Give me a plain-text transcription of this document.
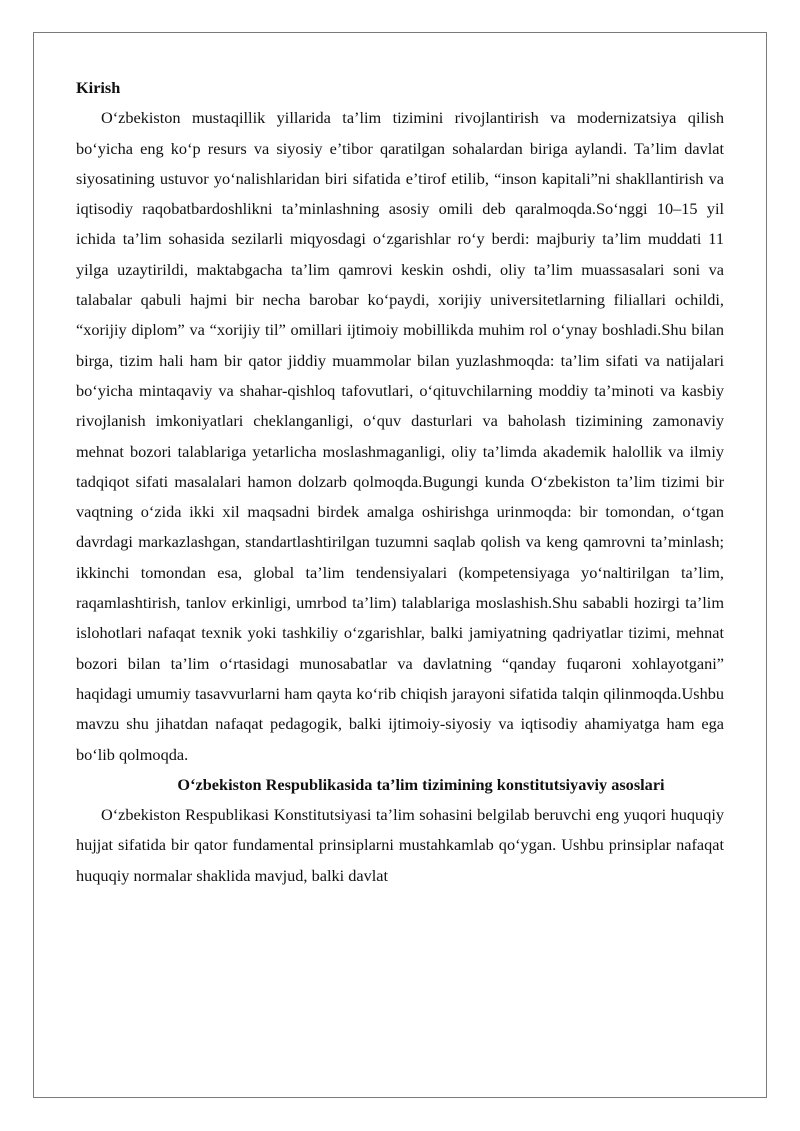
Kirish

O‘zbekiston mustaqillik yillarida ta’lim tizimini rivojlantirish va modernizatsiya qilish bo‘yicha eng ko‘p resurs va siyosiy e’tibor qaratilgan sohalardan biriga aylandi. Ta’lim davlat siyosatining ustuvor yo‘nalishlaridan biri sifatida e’tirof etilib, “inson kapitali”ni shakllantirish va iqtisodiy raqobatbardoshlikni ta’minlashning asosiy omili deb qaralmoqda.So‘nggi 10–15 yil ichida ta’lim sohasida sezilarli miqyosdagi o‘zgarishlar ro‘y berdi: majburiy ta’lim muddati 11 yilga uzaytirildi, maktabgacha ta’lim qamrovi keskin oshdi, oliy ta’lim muassasalari soni va talabalar qabuli hajmi bir necha barobar ko‘paydi, xorijiy universitetlarning filiallari ochildi, “xorijiy diplom” va “xorijiy til” omillari ijtimoiy mobillikda muhim rol o‘ynay boshladi.Shu bilan birga, tizim hali ham bir qator jiddiy muammolar bilan yuzlashmoqda: ta’lim sifati va natijalari bo‘yicha mintaqaviy va shahar-qishloq tafovutlari, o‘qituvchilarning moddiy ta’minoti va kasbiy rivojlanish imkoniyatlari cheklanganligi, o‘quv dasturlari va baholash tizimining zamonaviy mehnat bozori talablariga yetarlicha moslashmaganligi, oliy ta’limda akademik halollik va ilmiy tadqiqot sifati masalalari hamon dolzarb qolmoqda.Bugungi kunda O‘zbekiston ta’lim tizimi bir vaqtning o‘zida ikki xil maqsadni birdek amalga oshirishga urinmoqda: bir tomondan, o‘tgan davrdagi markazlashgan, standartlashtirilgan tuzumni saqlab qolish va keng qamrovni ta’minlash; ikkinchi tomondan esa, global ta’lim tendensiyalari (kompetensiyaga yo‘naltirilgan ta’lim, raqamlashtirish, tanlov erkinligi, umrbod ta’lim) talablariga moslashish.Shu sababli hozirgi ta’lim islohotlari nafaqat texnik yoki tashkiliy o‘zgarishlar, balki jamiyatning qadriyatlar tizimi, mehnat bozori bilan ta’lim o‘rtasidagi munosabatlar va davlatning “qanday fuqaroni xohlayotgani” haqidagi umumiy tasavvurlarni ham qayta ko‘rib chiqish jarayoni sifatida talqin qilinmoqda.Ushbu mavzu shu jihatdan nafaqat pedagogik, balki ijtimoiy-siyosiy va iqtisodiy ahamiyatga ham ega bo‘lib qolmoqda.

O‘zbekiston Respublikasida ta’lim tizimining konstitutsiyaviy asoslari

O‘zbekiston Respublikasi Konstitutsiyasi ta’lim sohasini belgilab beruvchi eng yuqori huquqiy hujjat sifatida bir qator fundamental prinsiplarni mustahkamlab qo‘ygan. Ushbu prinsiplar nafaqat huquqiy normalar shaklida mavjud, balki davlat
